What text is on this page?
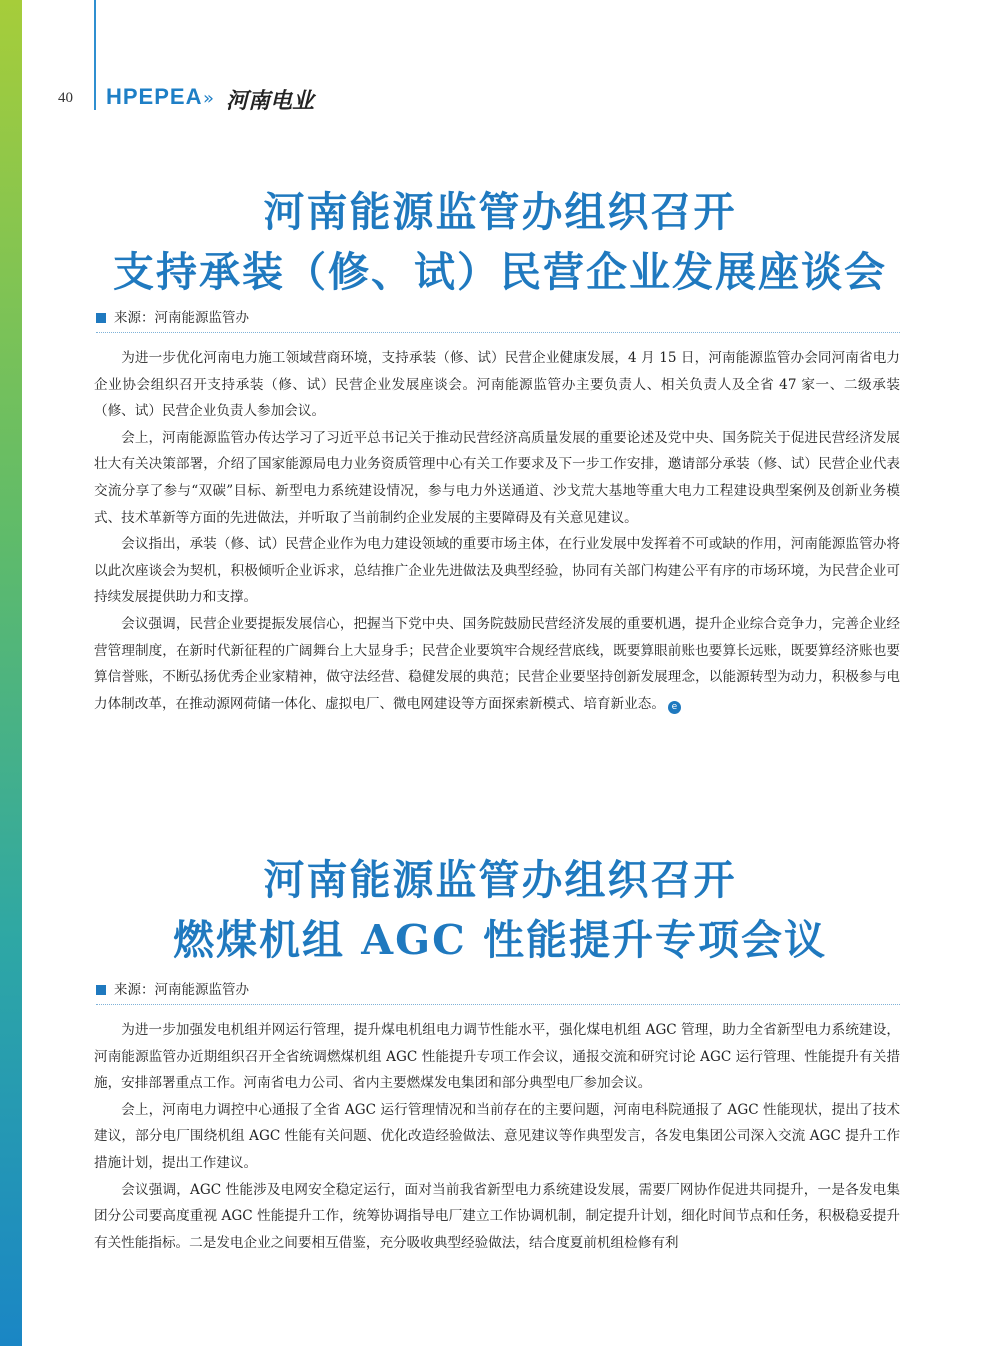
40 HPEPEA » 河南电业
河南能源监管办组织召开
支持承装（修、试）民营企业发展座谈会
来源：河南能源监管办

为进一步优化河南电力施工领域营商环境，支持承装（修、试）民营企业健康发展，4 月 15 日，河南能源监管办会同河南省电力企业协会组织召开支持承装（修、试）民营企业发展座谈会。河南能源监管办主要负责人、相关负责人及全省 47 家一、二级承装（修、试）民营企业负责人参加会议。

会上，河南能源监管办传达学习了习近平总书记关于推动民营经济高质量发展的重要论述及党中央、国务院关于促进民营经济发展壮大有关决策部署，介绍了国家能源局电力业务资质管理中心有关工作要求及下一步工作安排，邀请部分承装（修、试）民营企业代表交流分享了参与“双碳”目标、新型电力系统建设情况，参与电力外送通道、沙戈荒大基地等重大电力工程建设典型案例及创新业务模式、技术革新等方面的先进做法，并听取了当前制约企业发展的主要障碍及有关意见建议。

会议指出，承装（修、试）民营企业作为电力建设领域的重要市场主体，在行业发展中发挥着不可或缺的作用，河南能源监管办将以此次座谈会为契机，积极倾听企业诉求，总结推广企业先进做法及典型经验，协同有关部门构建公平有序的市场环境，为民营企业可持续发展提供助力和支撑。

会议强调，民营企业要提振发展信心，把握当下党中央、国务院鼓励民营经济发展的重要机遇，提升企业综合竞争力，完善企业经营管理制度，在新时代新征程的广阔舞台上大显身手；民营企业要筑牢合规经营底线，既要算眼前账也要算长远账，既要算经济账也要算信誉账，不断弘扬优秀企业家精神，做守法经营、稳健发展的典范；民营企业要坚持创新发展理念，以能源转型为动力，积极参与电力体制改革，在推动源网荷储一体化、虚拟电厂、微电网建设等方面探索新模式、培育新业态。 e

河南能源监管办组织召开
燃煤机组 AGC 性能提升专项会议
来源：河南能源监管办

为进一步加强发电机组并网运行管理，提升煤电机组电力调节性能水平，强化煤电机组 AGC 管理，助力全省新型电力系统建设，河南能源监管办近期组织召开全省统调燃煤机组 AGC 性能提升专项工作会议，通报交流和研究讨论 AGC 运行管理、性能提升有关措施，安排部署重点工作。河南省电力公司、省内主要燃煤发电集团和部分典型电厂参加会议。

会上，河南电力调控中心通报了全省 AGC 运行管理情况和当前存在的主要问题，河南电科院通报了 AGC 性能现状，提出了技术建议，部分电厂围绕机组 AGC 性能有关问题、优化改造经验做法、意见建议等作典型发言，各发电集团公司深入交流 AGC 提升工作措施计划，提出工作建议。

会议强调，AGC 性能涉及电网安全稳定运行，面对当前我省新型电力系统建设发展，需要厂网协作促进共同提升，一是各发电集团分公司要高度重视 AGC 性能提升工作，统筹协调指导电厂建立工作协调机制，制定提升计划，细化时间节点和任务，积极稳妥提升有关性能指标。二是发电企业之间要相互借鉴，充分吸收典型经验做法，结合度夏前机组检修有利
